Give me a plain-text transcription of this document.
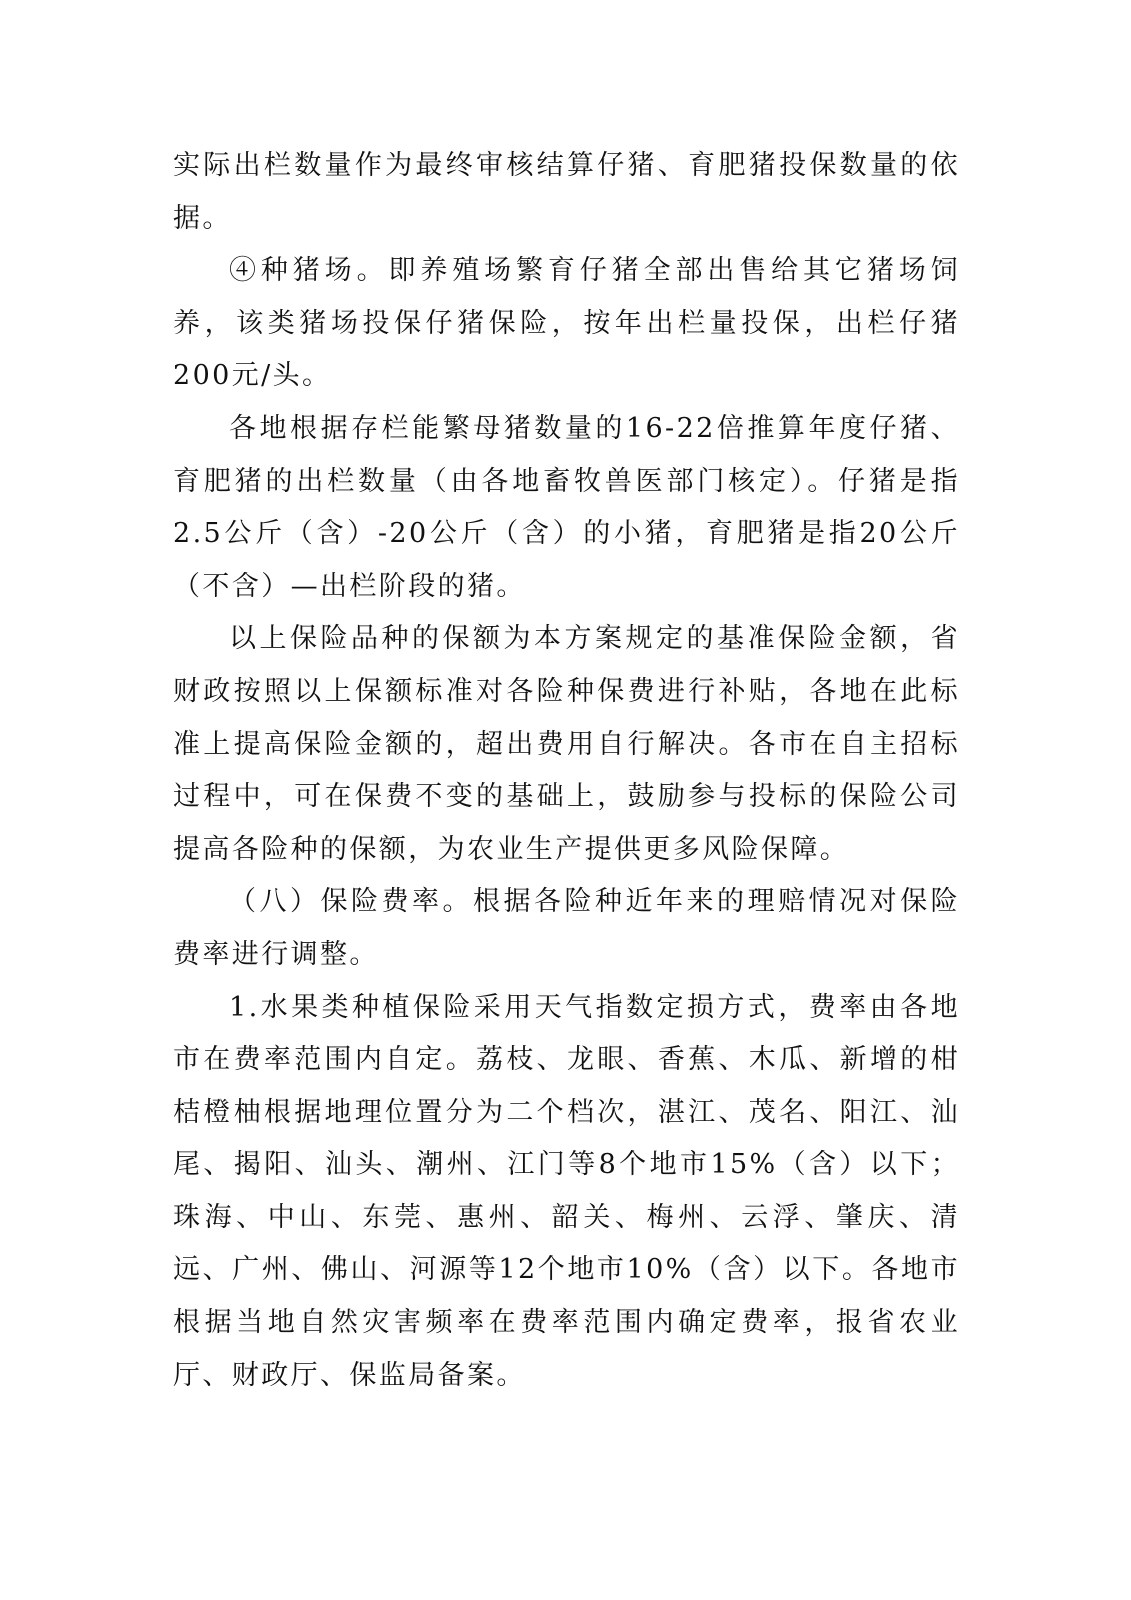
实际出栏数量作为最终审核结算仔猪、育肥猪投保数量的依据。

④种猪场。即养殖场繁育仔猪全部出售给其它猪场饲养，该类猪场投保仔猪保险，按年出栏量投保，出栏仔猪200元/头。

各地根据存栏能繁母猪数量的16-22倍推算年度仔猪、育肥猪的出栏数量（由各地畜牧兽医部门核定）。仔猪是指2.5公斤（含）-20公斤（含）的小猪，育肥猪是指20公斤（不含）—出栏阶段的猪。

以上保险品种的保额为本方案规定的基准保险金额，省财政按照以上保额标准对各险种保费进行补贴，各地在此标准上提高保险金额的，超出费用自行解决。各市在自主招标过程中，可在保费不变的基础上，鼓励参与投标的保险公司提高各险种的保额，为农业生产提供更多风险保障。

（八）保险费率。根据各险种近年来的理赔情况对保险费率进行调整。

1.水果类种植保险采用天气指数定损方式，费率由各地市在费率范围内自定。荔枝、龙眼、香蕉、木瓜、新增的柑桔橙柚根据地理位置分为二个档次，湛江、茂名、阳江、汕尾、揭阳、汕头、潮州、江门等8个地市15%（含）以下；珠海、中山、东莞、惠州、韶关、梅州、云浮、肇庆、清远、广州、佛山、河源等12个地市10%（含）以下。各地市根据当地自然灾害频率在费率范围内确定费率，报省农业厅、财政厅、保监局备案。
